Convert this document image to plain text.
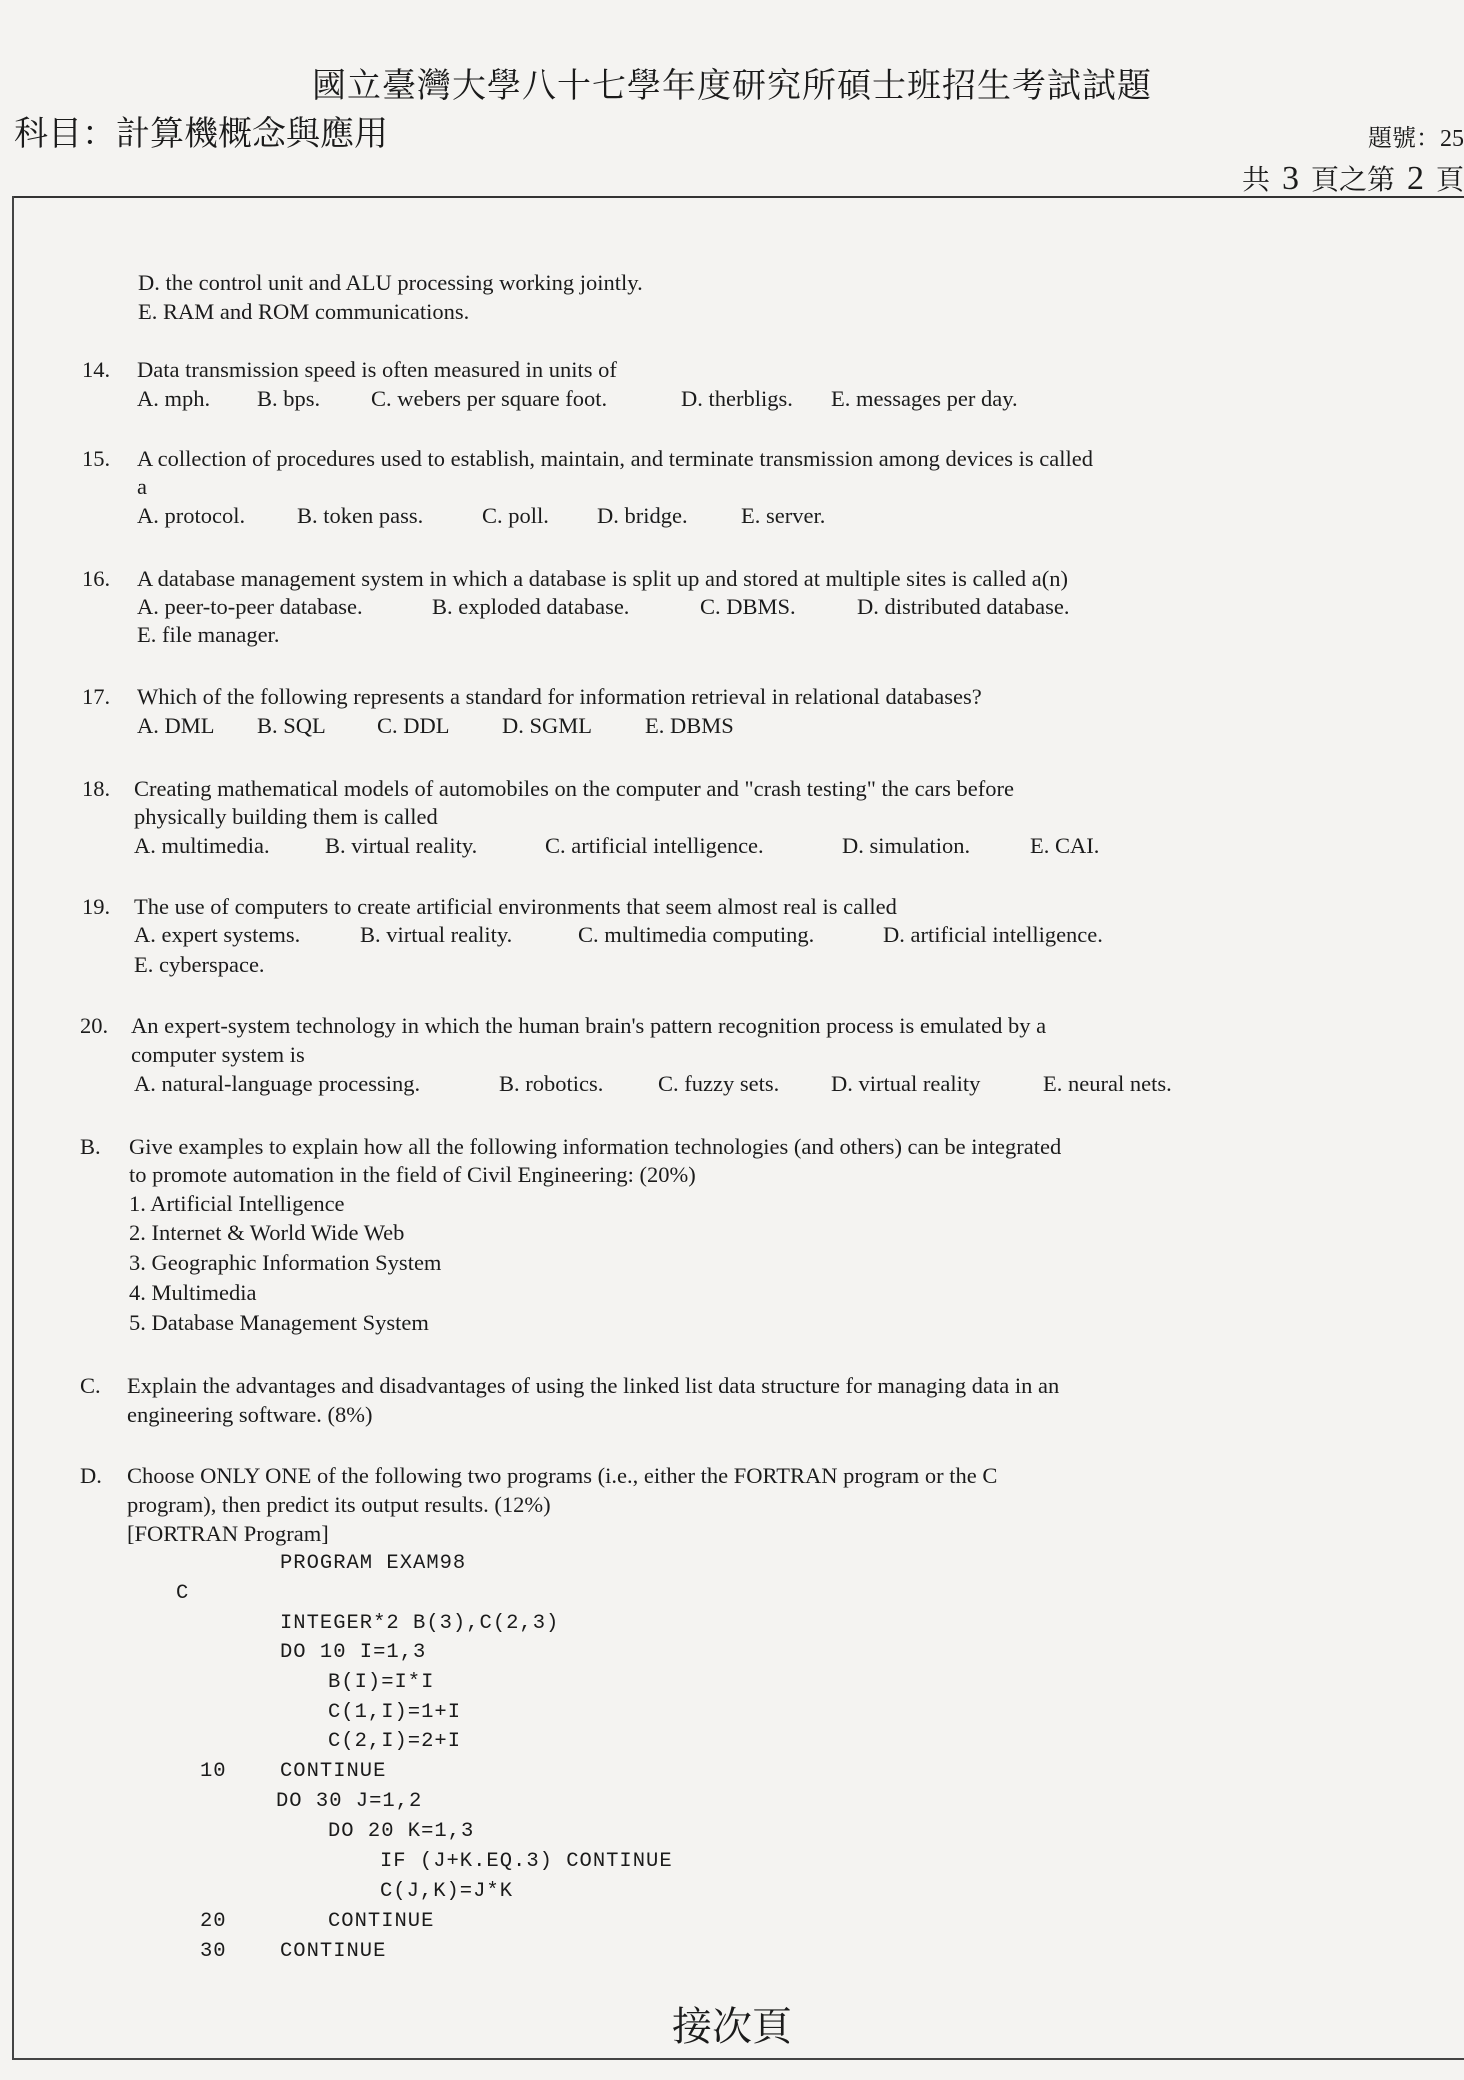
國立臺灣大學八十七學年度研究所碩士班招生考試試題
科目：計算機概念與應用	題號：25
共 3 頁之第 2 頁
D. the control unit and ALU processing working jointly.
E. RAM and ROM communications.
14. Data transmission speed is often measured in units of
A. mph. B. bps. C. webers per square foot.	D. therbligs. E. messages per day.
15. A collection of procedures used to establish, maintain, and terminate transmission among devices is called
a
A. protocol. B. token pass.	C. poll. D. bridge. E. server.
16. A database management system in which a database is split up and stored at multiple sites is called a(n)
A. peer-to-peer database.	B. exploded database.	C. DBMS.	D. distributed database.
E. file manager.
17. Which of the following represents a standard for information retrieval in relational databases?
A. DML B. SQL C. DDL D. SGML E. DBMS
18. Creating mathematical models of automobiles on the computer and "crash testing" the cars before
physically building them is called
A. multimedia. B. virtual reality.	C. artificial intelligence.	D. simulation.	E. CAI.
19. The use of computers to create artificial environments that seem almost real is called
A. expert systems.	B. virtual reality.	C. multimedia computing.	D. artificial intelligence.
E. cyberspace.
20. An expert-system technology in which the human brain's pattern recognition process is emulated by a
computer system is
A. natural-language processing.	B. robotics. C. fuzzy sets. D. virtual reality	E. neural nets.
B. Give examples to explain how all the following information technologies (and others) can be integrated
to promote automation in the field of Civil Engineering: (20%)
1. Artificial Intelligence
2. Internet & World Wide Web
3. Geographic Information System
4. Multimedia
5. Database Management System
C. Explain the advantages and disadvantages of using the linked list data structure for managing data in an
engineering software. (8%)
D. Choose ONLY ONE of the following two programs (i.e., either the FORTRAN program or the C
program), then predict its output results. (12%)
[FORTRAN Program]
PROGRAM EXAM98
C
INTEGER*2 B(3),C(2,3)
DO 10 I=1,3
B(I)=I*I
C(1,I)=1+I
C(2,I)=2+I
10	CONTINUE
DO 30 J=1,2
DO 20 K=1,3
IF (J+K.EQ.3) CONTINUE
C(J,K)=J*K
20	CONTINUE
30	CONTINUE
接次頁
